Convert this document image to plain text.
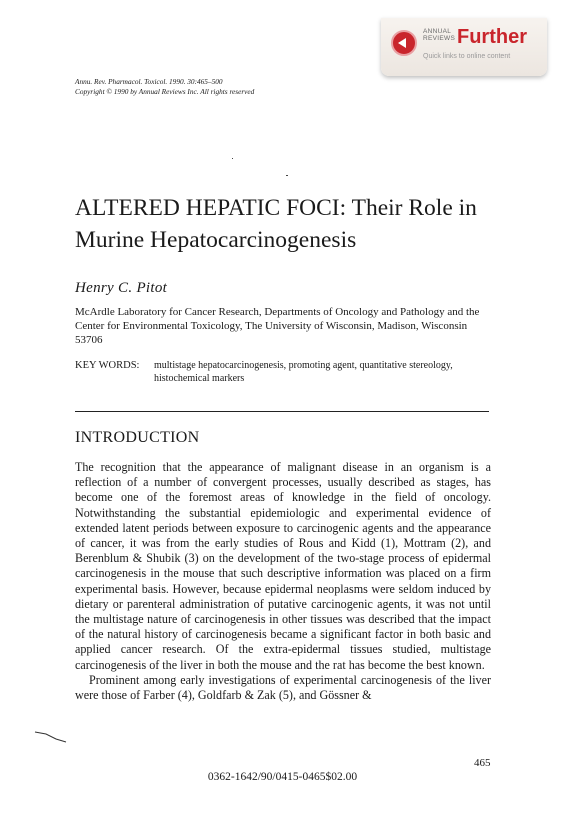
ANNUAL
REVIEWS Further
Quick links to online content
Annu. Rev. Pharmacol. Toxicol. 1990. 30:465–500
Copyright © 1990 by Annual Reviews Inc. All rights reserved
ALTERED HEPATIC FOCI: Their Role in Murine Hepatocarcinogenesis
Henry C. Pitot
McArdle Laboratory for Cancer Research, Departments of Oncology and Pathology and the Center for Environmental Toxicology, The University of Wisconsin, Madison, Wisconsin 53706
KEY WORDS: multistage hepatocarcinogenesis, promoting agent, quantitative stereology, histochemical markers
INTRODUCTION

The recognition that the appearance of malignant disease in an organism is a reflection of a number of convergent processes, usually described as stages, has become one of the foremost areas of knowledge in the field of oncology. Notwithstanding the substantial epidemiologic and experimental evidence of extended latent periods between exposure to carcinogenic agents and the appearance of cancer, it was from the early studies of Rous and Kidd (1), Mottram (2), and Berenblum & Shubik (3) on the development of the two-stage process of epidermal carcinogenesis in the mouse that such descriptive information was placed on a firm experimental basis. However, because epidermal neoplasms were seldom induced by dietary or parenteral administration of putative carcinogenic agents, it was not until the multistage nature of carcinogenesis in other tissues was described that the impact of the natural history of carcinogenesis became a significant factor in both basic and applied cancer research. Of the extra-epidermal tissues studied, multistage carcinogenesis of the liver in both the mouse and the rat has become the best known.

Prominent among early investigations of experimental carcinogenesis of the liver were those of Farber (4), Goldfarb & Zak (5), and Gössner &

465
0362-1642/90/0415-0465$02.00
